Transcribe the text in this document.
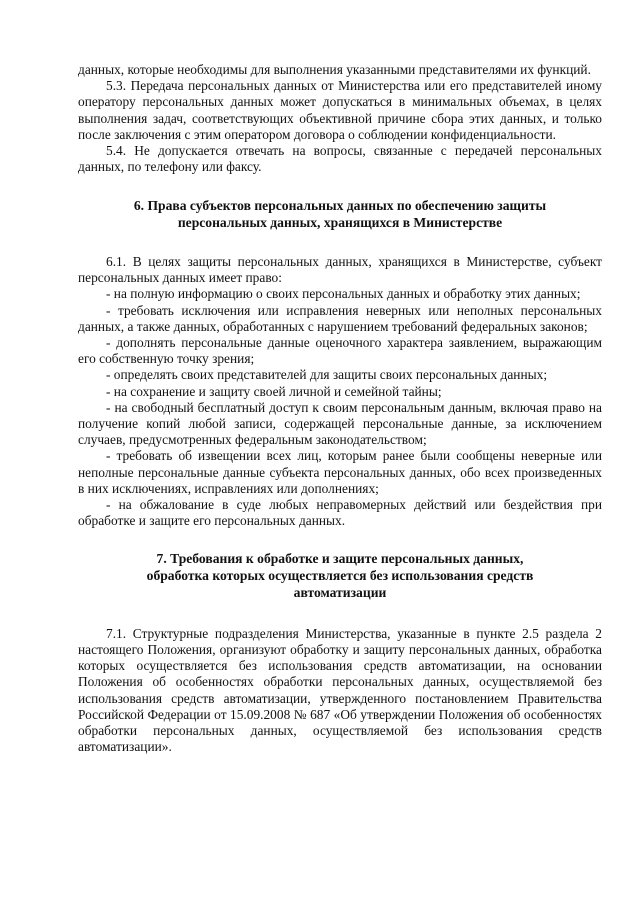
данных, которые необходимы для выполнения указанными представителями их функций.

5.3. Передача персональных данных от Министерства или его представителей иному оператору персональных данных может допускаться в минимальных объемах, в целях выполнения задач, соответствующих объективной причине сбора этих данных, и только после заключения с этим оператором договора о соблюдении конфиденциальности.

5.4. Не допускается отвечать на вопросы, связанные с передачей персональных данных, по телефону или факсу.

6. Права субъектов персональных данных по обеспечению защиты
персональных данных, хранящихся в Министерстве

6.1. В целях защиты персональных данных, хранящихся в Министерстве, субъект персональных данных имеет право:

- на полную информацию о своих персональных данных и обработку этих данных;

- требовать исключения или исправления неверных или неполных персональных данных, а также данных, обработанных с нарушением требований федеральных законов;

- дополнять персональные данные оценочного характера заявлением, выражающим его собственную точку зрения;

- определять своих представителей для защиты своих персональных данных;

- на сохранение и защиту своей личной и семейной тайны;

- на свободный бесплатный доступ к своим персональным данным, включая право на получение копий любой записи, содержащей персональные данные, за исключением случаев, предусмотренных федеральным законодательством;

- требовать об извещении всех лиц, которым ранее были сообщены неверные или неполные персональные данные субъекта персональных данных, обо всех произведенных в них исключениях, исправлениях или дополнениях;

- на обжалование в суде любых неправомерных действий или бездействия при обработке и защите его персональных данных.

7. Требования к обработке и защите персональных данных,
обработка которых осуществляется без использования средств
автоматизации

7.1. Структурные подразделения Министерства, указанные в пункте 2.5 раздела 2 настоящего Положения, организуют обработку и защиту персональных данных, обработка которых осуществляется без использования средств автоматизации, на основании Положения об особенностях обработки персональных данных, осуществляемой без использования средств автоматизации, утвержденного постановлением Правительства Российской Федерации от 15.09.2008 № 687 «Об утверждении Положения об особенностях обработки персональных данных, осуществляемой без использования средств автоматизации».
